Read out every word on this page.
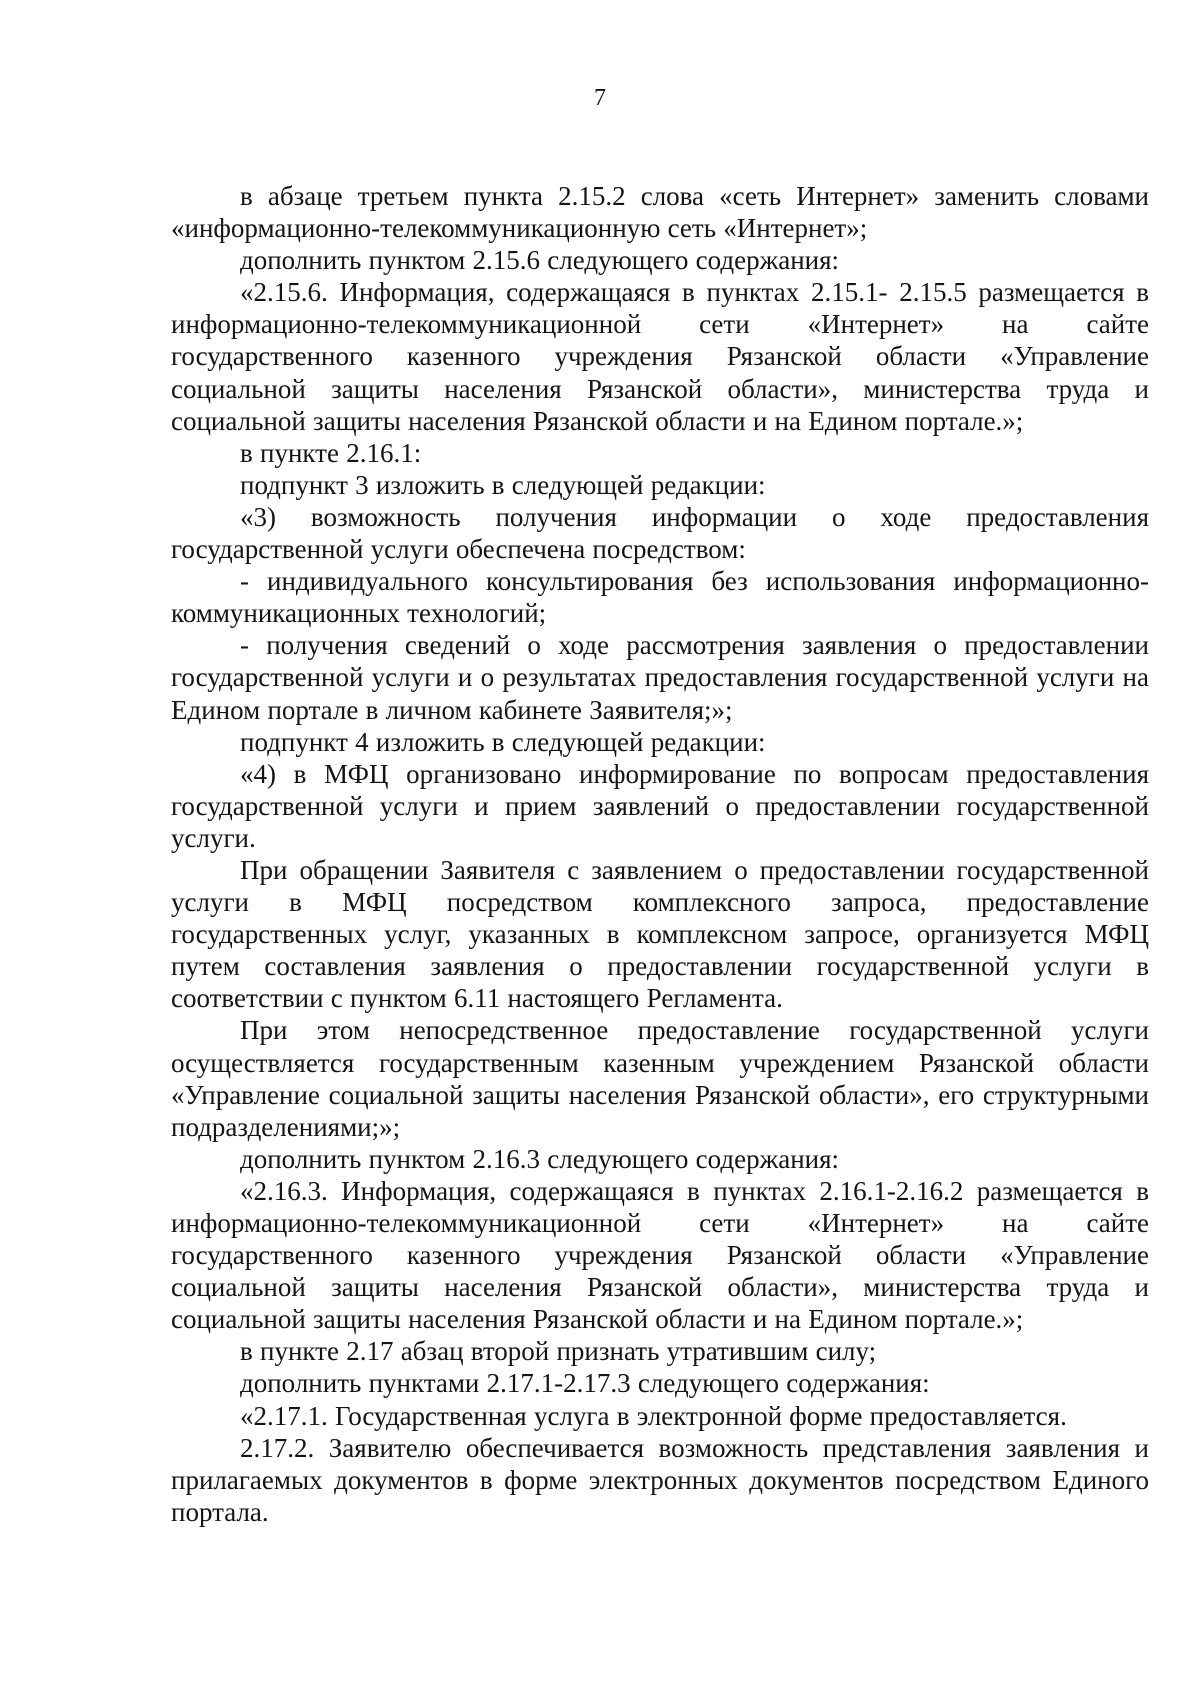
7

в абзаце третьем пункта 2.15.2 слова «сеть Интернет» заменить словами «информационно-телекоммуникационную сеть «Интернет»;

дополнить пунктом 2.15.6 следующего содержания:

«2.15.6. Информация, содержащаяся в пунктах 2.15.1- 2.15.5 размещается в информационно-телекоммуникационной сети «Интернет» на сайте государственного казенного учреждения Рязанской области «Управление социальной защиты населения Рязанской области», министерства труда и социальной защиты населения Рязанской области и на Едином портале.»;

в пункте 2.16.1:

подпункт 3 изложить в следующей редакции:

«3) возможность получения информации о ходе предоставления государственной услуги обеспечена посредством:

- индивидуального консультирования без использования информационно-коммуникационных технологий;

- получения сведений о ходе рассмотрения заявления о предоставлении государственной услуги и о результатах предоставления государственной услуги на Едином портале в личном кабинете Заявителя;»;

подпункт 4 изложить в следующей редакции:

«4) в МФЦ организовано информирование по вопросам предоставления государственной услуги и прием заявлений о предоставлении государственной услуги.

При обращении Заявителя с заявлением о предоставлении государственной услуги в МФЦ посредством комплексного запроса, предоставление государственных услуг, указанных в комплексном запросе, организуется МФЦ путем составления заявления о предоставлении государственной услуги в соответствии с пунктом 6.11 настоящего Регламента.

При этом непосредственное предоставление государственной услуги осуществляется государственным казенным учреждением Рязанской области «Управление социальной защиты населения Рязанской области», его структурными подразделениями;»;

дополнить пунктом 2.16.3 следующего содержания:

«2.16.3. Информация, содержащаяся в пунктах 2.16.1-2.16.2 размещается в информационно-телекоммуникационной сети «Интернет» на сайте государственного казенного учреждения Рязанской области «Управление социальной защиты населения Рязанской области», министерства труда и социальной защиты населения Рязанской области и на Едином портале.»;

в пункте 2.17 абзац второй признать утратившим силу;

дополнить пунктами 2.17.1-2.17.3 следующего содержания:

«2.17.1. Государственная услуга в электронной форме предоставляется.

2.17.2. Заявителю обеспечивается возможность представления заявления и прилагаемых документов в форме электронных документов посредством Единого портала.
